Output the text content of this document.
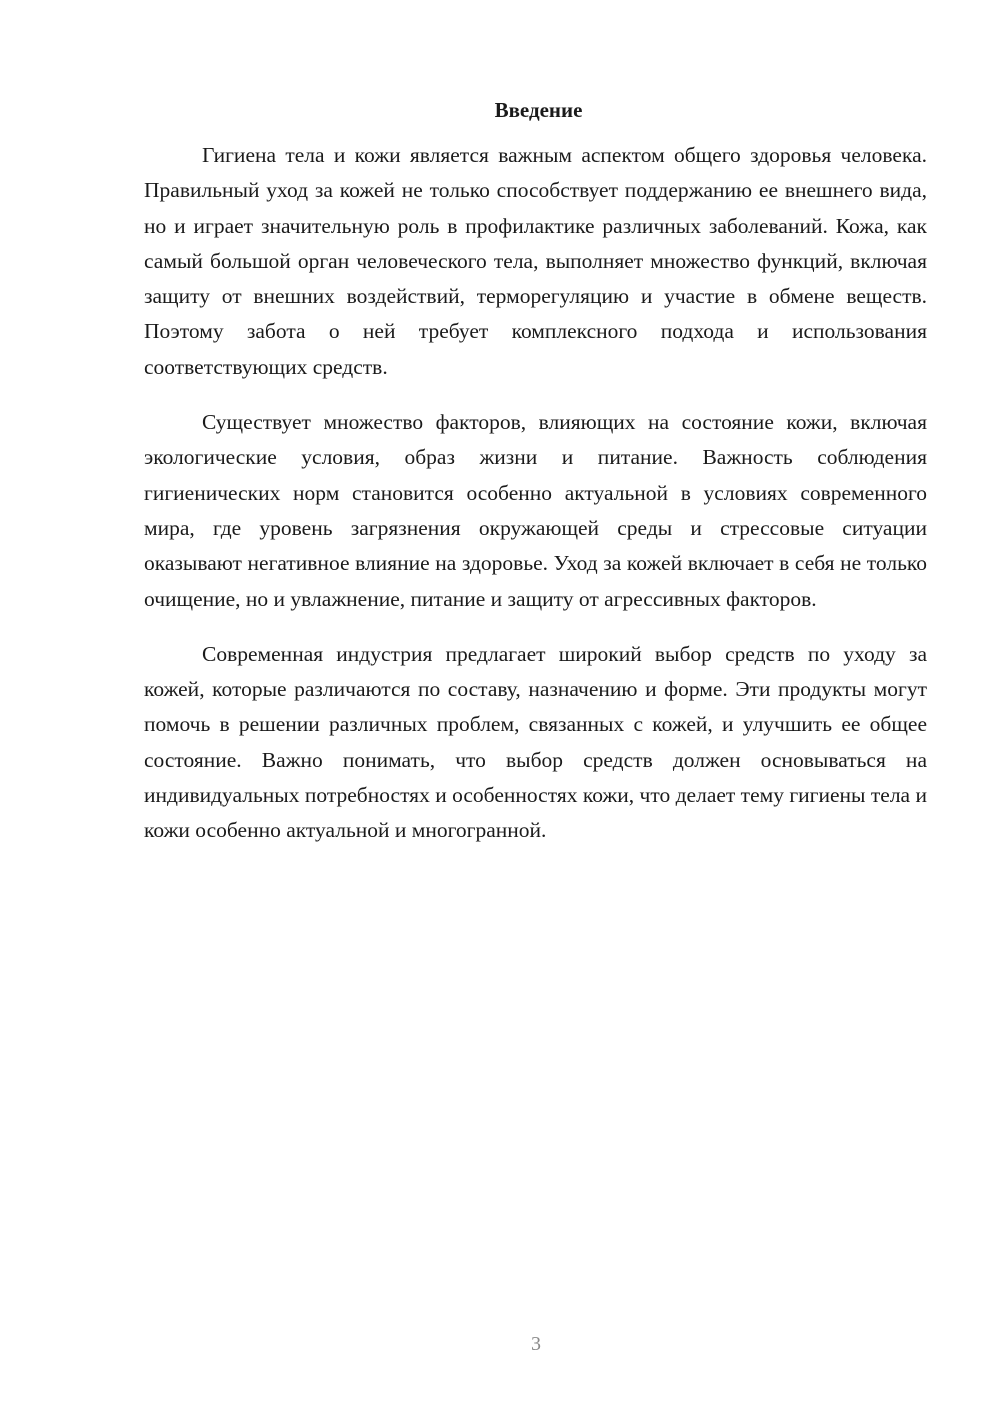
Введение

Гигиена тела и кожи является важным аспектом общего здоровья человека. Правильный уход за кожей не только способствует поддержанию ее внешнего вида, но и играет значительную роль в профилактике различных заболеваний. Кожа, как самый большой орган человеческого тела, выполняет множество функций, включая защиту от внешних воздействий, терморегуляцию и участие в обмене веществ. Поэтому забота о ней требует комплексного подхода и использования соответствующих средств.

Существует множество факторов, влияющих на состояние кожи, включая экологические условия, образ жизни и питание. Важность соблюдения гигиенических норм становится особенно актуальной в условиях современного мира, где уровень загрязнения окружающей среды и стрессовые ситуации оказывают негативное влияние на здоровье. Уход за кожей включает в себя не только очищение, но и увлажнение, питание и защиту от агрессивных факторов.

Современная индустрия предлагает широкий выбор средств по уходу за кожей, которые различаются по составу, назначению и форме. Эти продукты могут помочь в решении различных проблем, связанных с кожей, и улучшить ее общее состояние. Важно понимать, что выбор средств должен основываться на индивидуальных потребностях и особенностях кожи, что делает тему гигиены тела и кожи особенно актуальной и многогранной.

3
